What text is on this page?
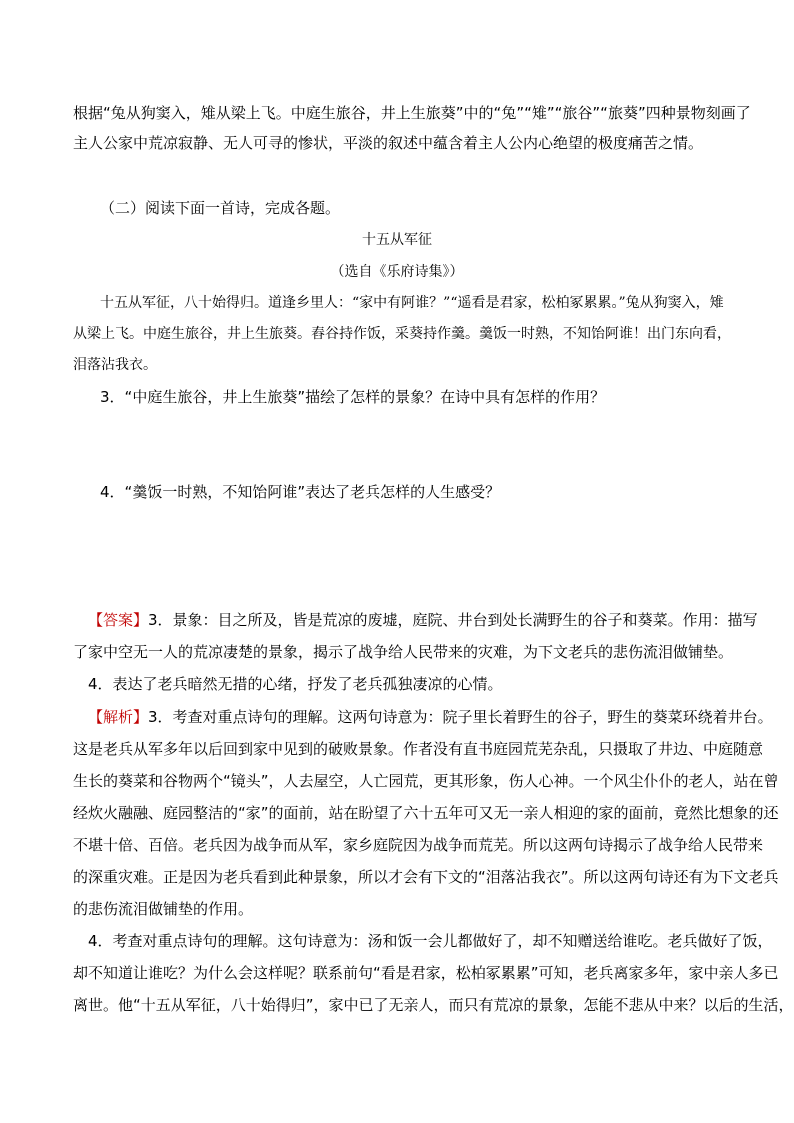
根据“兔从狗窦入，雉从梁上飞。中庭生旅谷，井上生旅葵”中的“兔”“雉”“旅谷”“旅葵”四种景物刻画了
主人公家中荒凉寂静、无人可寻的惨状，平淡的叙述中蕴含着主人公内心绝望的极度痛苦之情。
（二）阅读下面一首诗，完成各题。
十五从军征
（选自《乐府诗集》）
十五从军征，八十始得归。道逢乡里人：“家中有阿谁？”“遥看是君家，松柏冢累累。”兔从狗窦入，雉
从梁上飞。中庭生旅谷，井上生旅葵。舂谷持作饭，采葵持作羹。羹饭一时熟，不知饴阿谁！出门东向看，
泪落沾我衣。
3．“中庭生旅谷，井上生旅葵”描绘了怎样的景象？在诗中具有怎样的作用？
4．“羹饭一时熟，不知饴阿谁”表达了老兵怎样的人生感受？
【答案】3．景象：目之所及，皆是荒凉的废墟，庭院、井台到处长满野生的谷子和葵菜。作用：描写
了家中空无一人的荒凉凄楚的景象，揭示了战争给人民带来的灾难，为下文老兵的悲伤流泪做铺垫。
4．表达了老兵暗然无措的心绪，抒发了老兵孤独凄凉的心情。
【解析】3．考查对重点诗句的理解。这两句诗意为：院子里长着野生的谷子，野生的葵菜环绕着井台。
这是老兵从军多年以后回到家中见到的破败景象。作者没有直书庭园荒芜杂乱，只摄取了井边、中庭随意
生长的葵菜和谷物两个“镜头”，人去屋空，人亡园荒，更其形象，伤人心神。一个风尘仆仆的老人，站在曾
经炊火融融、庭园整洁的“家”的面前，站在盼望了六十五年可又无一亲人相迎的家的面前，竟然比想象的还
不堪十倍、百倍。老兵因为战争而从军，家乡庭院因为战争而荒芜。所以这两句诗揭示了战争给人民带来
的深重灾难。正是因为老兵看到此种景象，所以才会有下文的“泪落沾我衣”。所以这两句诗还有为下文老兵
的悲伤流泪做铺垫的作用。
4．考查对重点诗句的理解。这句诗意为：汤和饭一会儿都做好了，却不知赠送给谁吃。老兵做好了饭，
却不知道让谁吃？为什么会这样呢？联系前句“看是君家，松柏冢累累”可知，老兵离家多年，家中亲人多已
离世。他“十五从军征，八十始得归”，家中已了无亲人，而只有荒凉的景象，怎能不悲从中来？以后的生活，
